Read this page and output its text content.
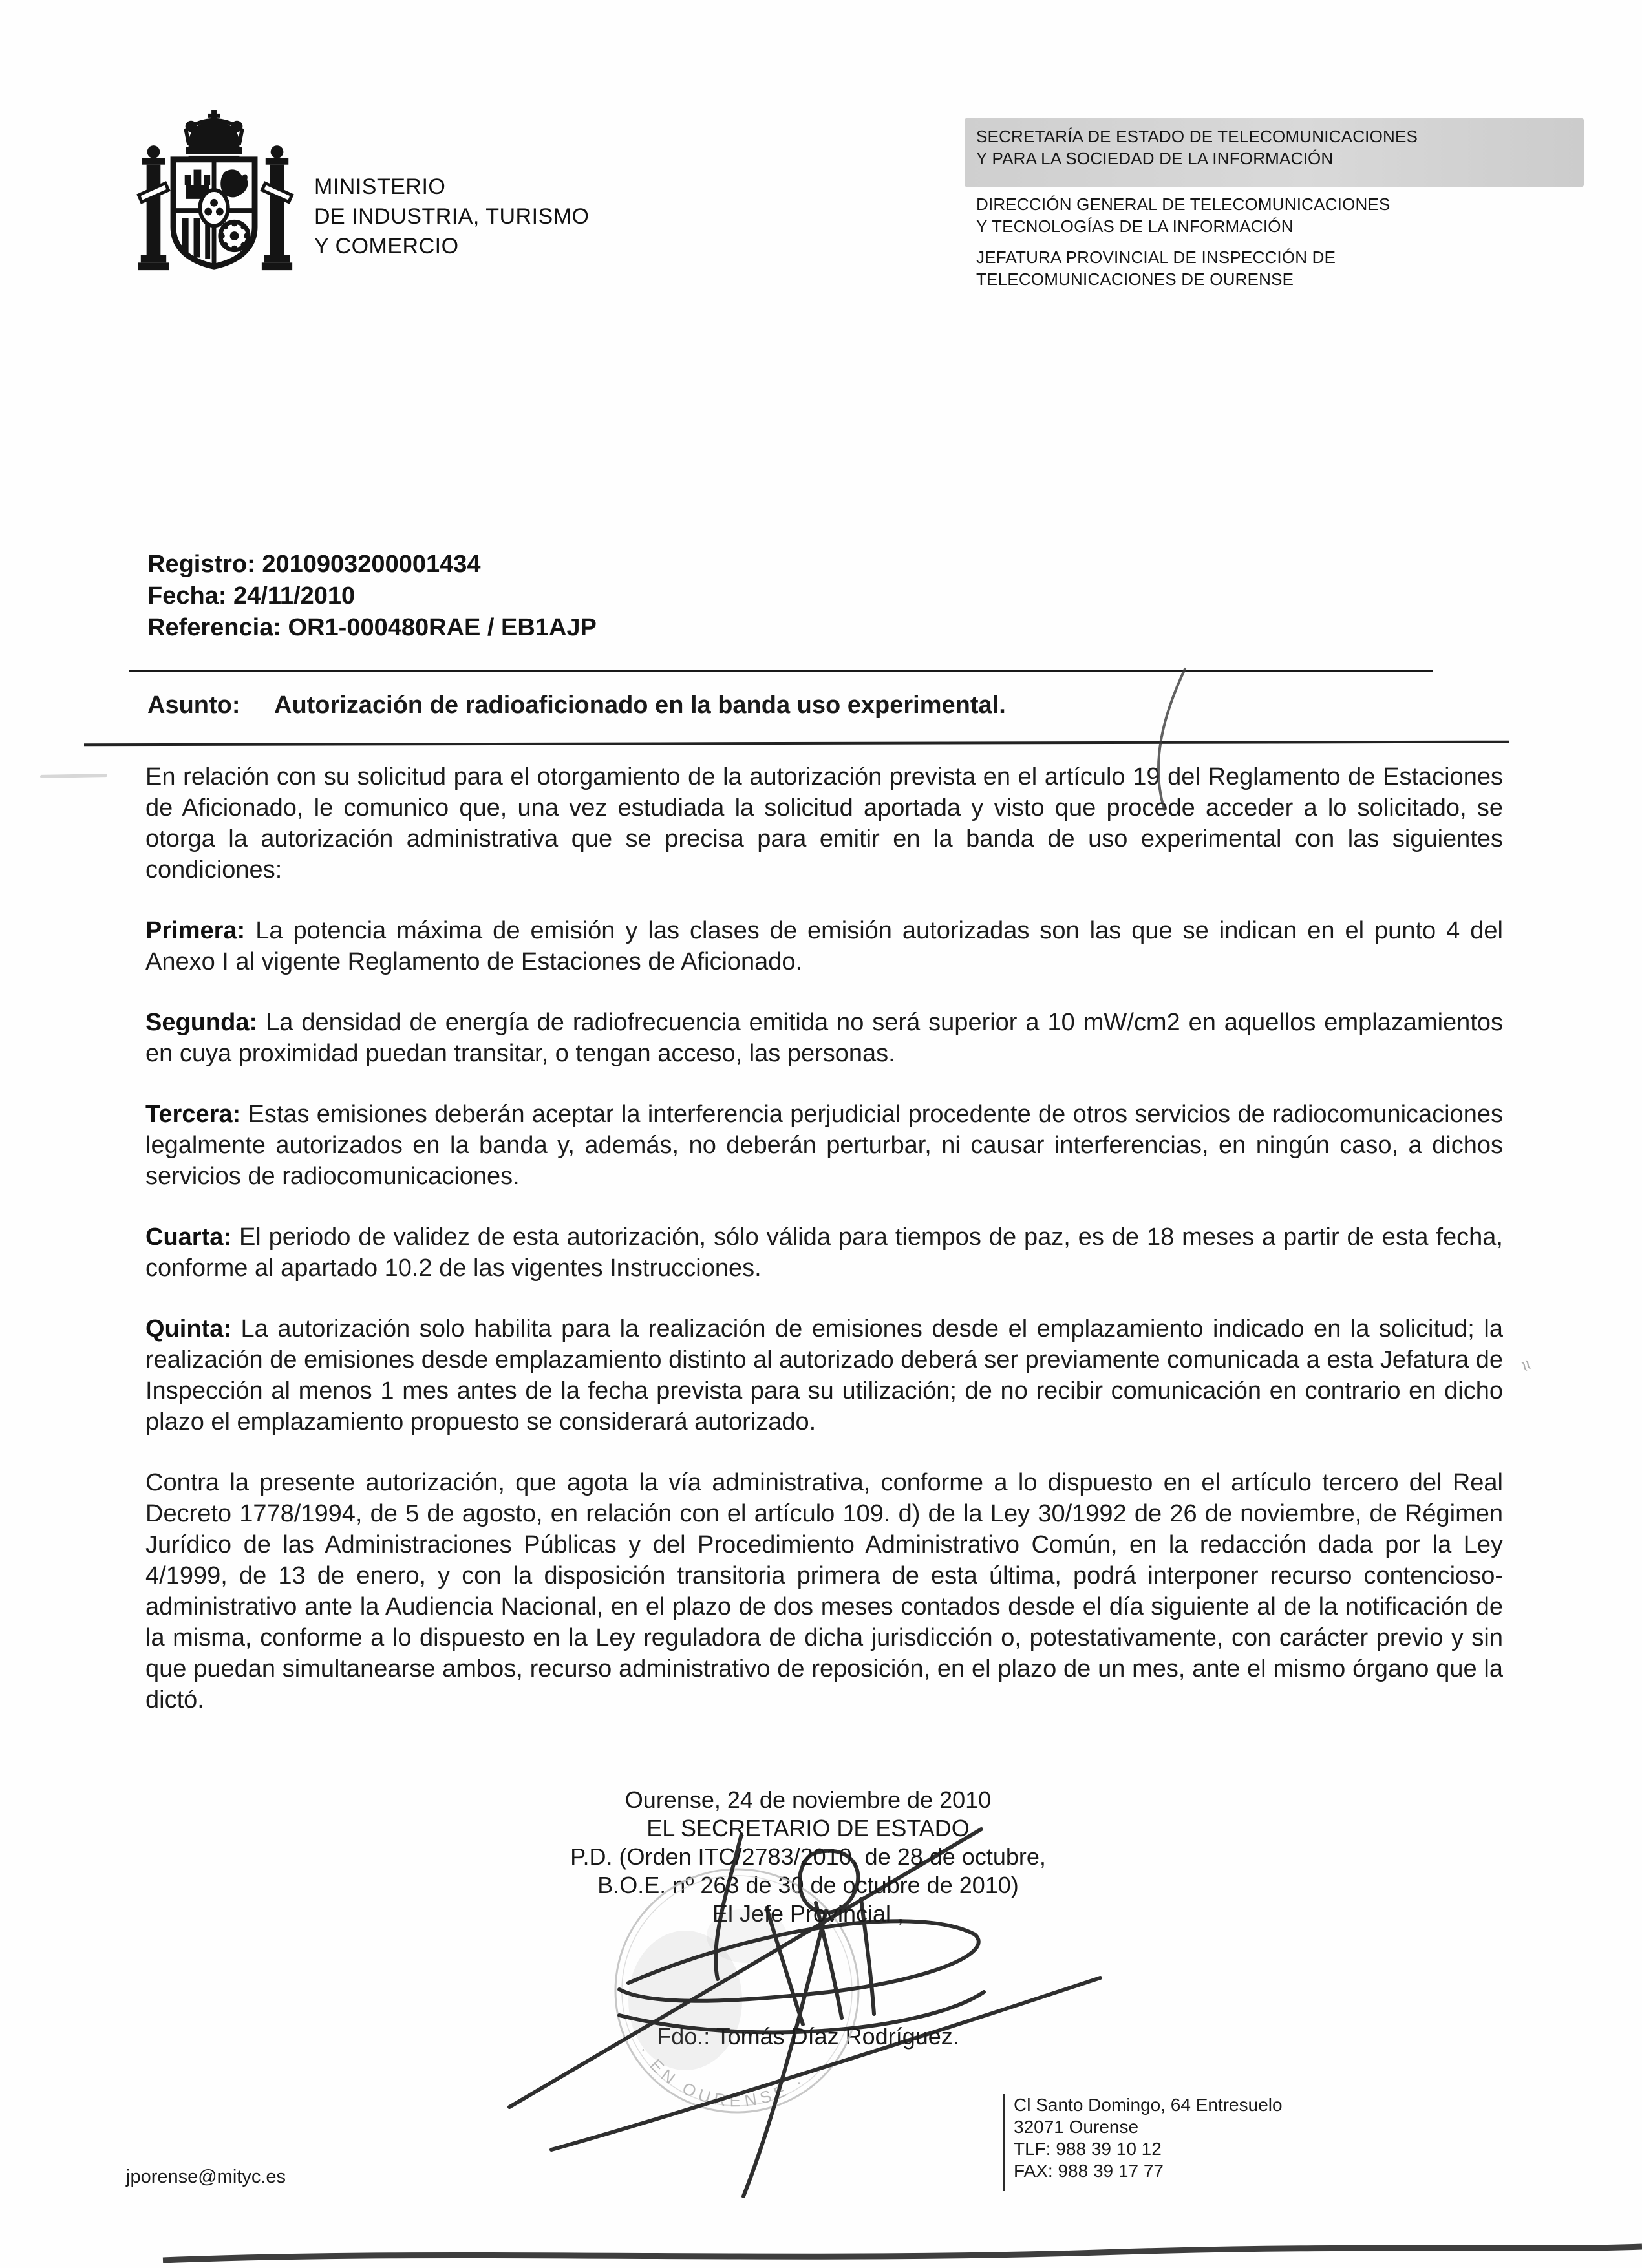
MINISTERIO
DE INDUSTRIA, TURISMO
Y COMERCIO
SECRETARÍA DE ESTADO DE TELECOMUNICACIONES
Y PARA LA SOCIEDAD DE LA INFORMACIÓN
DIRECCIÓN GENERAL DE TELECOMUNICACIONES
Y TECNOLOGÍAS DE LA INFORMACIÓN
JEFATURA PROVINCIAL DE INSPECCIÓN DE
TELECOMUNICACIONES DE OURENSE
Registro: 2010903200001434
Fecha: 24/11/2010
Referencia: OR1-000480RAE / EB1AJP
Asunto: Autorización de radioaficionado en la banda uso experimental.

En relación con su solicitud para el otorgamiento de la autorización prevista en el artículo 19 del Reglamento de Estaciones de Aficionado, le comunico que, una vez estudiada la solicitud aportada y visto que procede acceder a lo solicitado, se otorga la autorización administrativa que se precisa para emitir en la banda de uso experimental con las siguientes condiciones:

Primera: La potencia máxima de emisión y las clases de emisión autorizadas son las que se indican en el punto 4 del Anexo I al vigente Reglamento de Estaciones de Aficionado.

Segunda: La densidad de energía de radiofrecuencia emitida no será superior a 10 mW/cm2 en aquellos emplazamientos en cuya proximidad puedan transitar, o tengan acceso, las personas.

Tercera: Estas emisiones deberán aceptar la interferencia perjudicial procedente de otros servicios de radiocomunicaciones legalmente autorizados en la banda y, además, no deberán perturbar, ni causar interferencias, en ningún caso, a dichos servicios de radiocomunicaciones.

Cuarta: El periodo de validez de esta autorización, sólo válida para tiempos de paz, es de 18 meses a partir de esta fecha, conforme al apartado 10.2 de las vigentes Instrucciones.

Quinta: La autorización solo habilita para la realización de emisiones desde el emplazamiento indicado en la solicitud; la realización de emisiones desde emplazamiento distinto al autorizado deberá ser previamente comunicada a esta Jefatura de Inspección al menos 1 mes antes de la fecha prevista para su utilización; de no recibir comunicación en contrario en dicho plazo el emplazamiento propuesto se considerará autorizado.

Contra la presente autorización, que agota la vía administrativa, conforme a lo dispuesto en el artículo tercero del Real Decreto 1778/1994, de 5 de agosto, en relación con el artículo 109. d) de la Ley 30/1992 de 26 de noviembre, de Régimen Jurídico de las Administraciones Públicas y del Procedimiento Administrativo Común, en la redacción dada por la Ley 4/1999, de 13 de enero, y con la disposición transitoria primera de esta última, podrá interponer recurso contencioso-administrativo ante la Audiencia Nacional, en el plazo de dos meses contados desde el día siguiente al de la notificación de la misma, conforme a lo dispuesto en la Ley reguladora de dicha jurisdicción o, potestativamente, con carácter previo y sin que puedan simultanearse ambos, recurso administrativo de reposición, en el plazo de un mes, ante el mismo órgano que la dictó.

Ourense, 24 de noviembre de 2010
EL SECRETARIO DE ESTADO
P.D. (Orden ITC/2783/2010, de 28 de octubre,
B.O.E. nº 263 de 30 de octubre de 2010)
El Jefe Provincial ,
Fdo.: Tomás Díaz Rodríguez.
· EN OURENSE ·
jporense@mityc.es
Cl Santo Domingo, 64 Entresuelo
32071 Ourense
TLF: 988 39 10 12
FAX: 988 39 17 77
≈
